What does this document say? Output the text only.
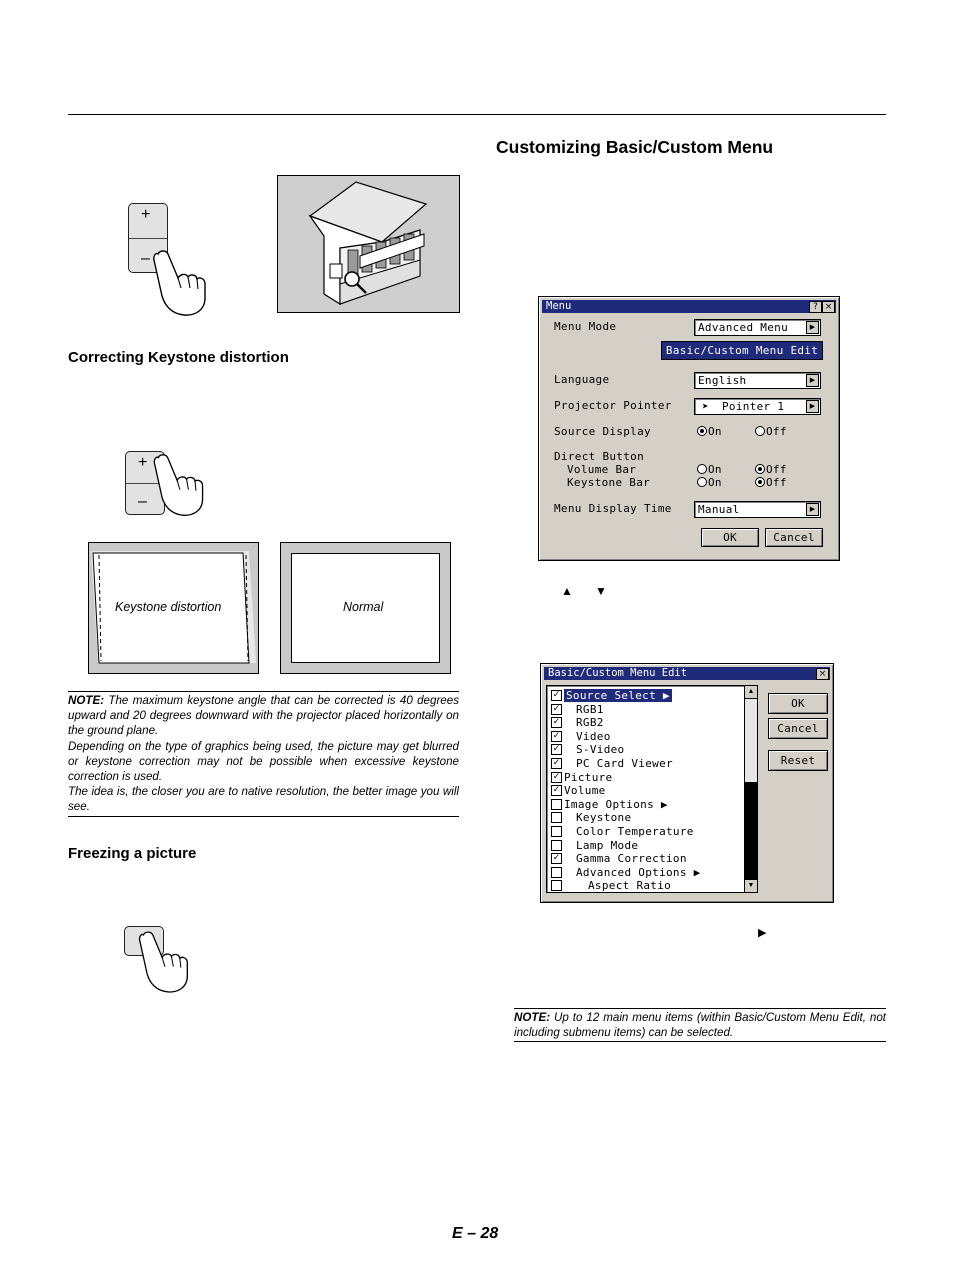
+
–
Correcting Keystone distortion
+
–
Keystone distortion	Normal
NOTE: The maximum keystone angle that can be corrected is 40 degrees upward and 20 degrees downward with the projector placed horizontally on the ground plane.
Depending on the type of graphics being used, the picture may get blurred or keystone correction may not be possible when excessive keystone correction is used.
The idea is, the closer you are to native resolution, the better image you will see.
Freezing a picture
Customizing Basic/Custom Menu
Menu	? ×
Menu Mode	Advanced Menu	▶
Basic/Custom Menu Edit
Language	English	▶
Projector Pointer	➤ Pointer 1	▶
Source Display	On	Off
Direct Button
Volume Bar	On	Off
Keystone Bar	On	Off
Menu Display Time Manual	▶
OK	Cancel
▲ ▼
Basic/Custom Menu Edit	×
▲
▼
✓ Source Select ▶
✓ RGB1
✓ RGB2
✓ Video
✓ S-Video
✓ PC Card Viewer
✓ Picture
✓ Volume
Image Options ▶
Keystone
Color Temperature
Lamp Mode
✓ Gamma Correction
Advanced Options ▶
Aspect Ratio
OK
Cancel
Reset
▶
NOTE: Up to 12 main menu items (within Basic/Custom Menu Edit, not including submenu items) can be selected.
E – 28
